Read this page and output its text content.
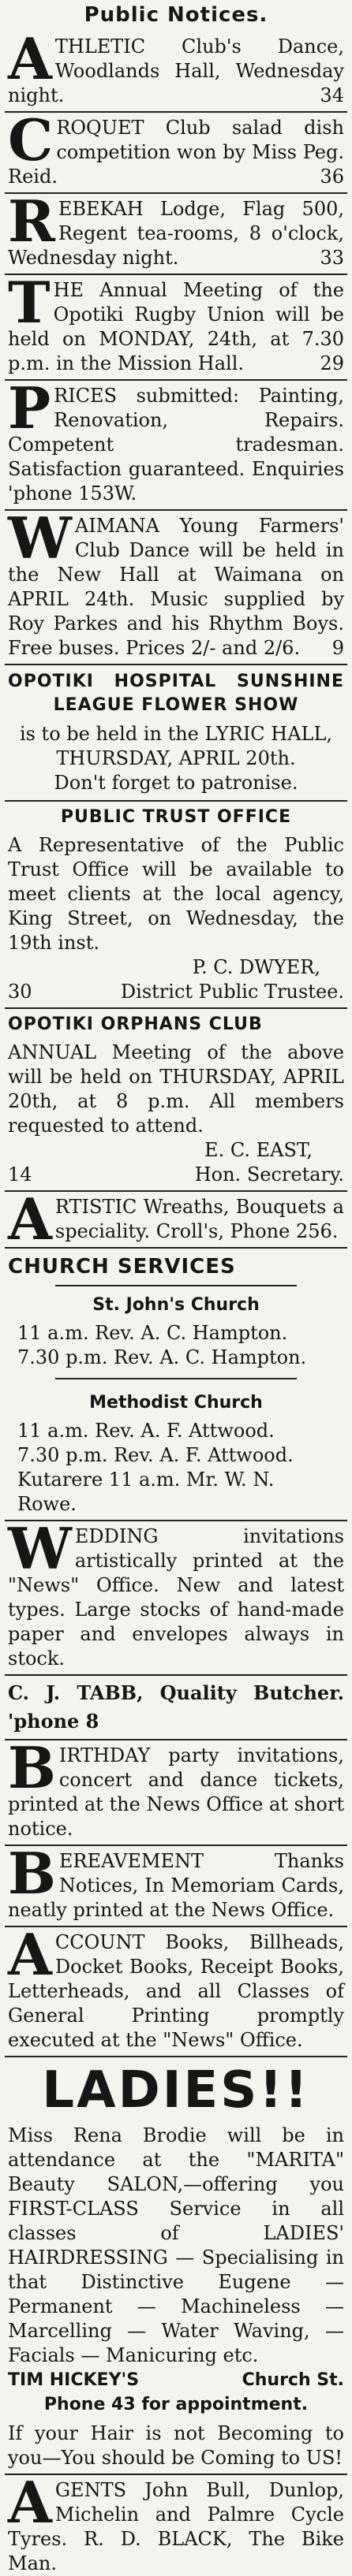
Public Notices.
ATHLETIC Club's Dance, Woodlands Hall, Wednesday night.	34
CROQUET Club salad dish competition won by Miss Peg. Reid.	36
REBEKAH Lodge, Flag 500, Regent tea-rooms, 8 o'clock, Wednesday night.	33
THE Annual Meeting of the Opotiki Rugby Union will be held on MONDAY, 24th, at 7.30 p.m. in the Mission Hall.	29
PRICES submitted: Painting, Renovation, Repairs. Competent tradesman. Satisfaction guaranteed. Enquiries 'phone 153W.
WAIMANA Young Farmers' Club Dance will be held in the New Hall at Waimana on APRIL 24th. Music supplied by Roy Parkes and his Rhythm Boys. Free buses. Prices 2/- and 2/6. 9
OPOTIKI HOSPITAL SUNSHINE
LEAGUE FLOWER SHOW
is to be held in the LYRIC HALL,
THURSDAY, APRIL 20th.
Don't forget to patronise.
PUBLIC TRUST OFFICE
A Representative of the Public Trust Office will be available to meet clients at the local agency, King Street, on Wednesday, the 19th inst.
P. C. DWYER,
30	District Public Trustee.
OPOTIKI ORPHANS CLUB
ANNUAL Meeting of the above will be held on THURSDAY, APRIL 20th, at 8 p.m. All members requested to attend.
E. C. EAST,
14	Hon. Secretary.
ARTISTIC Wreaths, Bouquets a speciality. Croll's, Phone 256.
CHURCH SERVICES
St. John's Church
11 a.m. Rev. A. C. Hampton.
7.30 p.m. Rev. A. C. Hampton.
Methodist Church
11 a.m. Rev. A. F. Attwood.
7.30 p.m. Rev. A. F. Attwood.
Kutarere 11 a.m. Mr. W. N. Rowe.
WEDDING invitations artistically printed at the "News" Office. New and latest types. Large stocks of hand-made paper and envelopes always in stock.
C. J. TABB, Quality Butcher. 'phone 8
BIRTHDAY party invitations, concert and dance tickets, printed at the News Office at short notice.
BEREAVEMENT Thanks Notices, In Memoriam Cards, neatly printed at the News Office.
ACCOUNT Books, Billheads, Docket Books, Receipt Books, Letterheads, and all Classes of General Printing promptly executed at the "News" Office.
LADIES!!
Miss Rena Brodie will be in attendance at the "MARITA" Beauty SALON,—offering you FIRST-CLASS Service in all classes of LADIES' HAIRDRESSING — Specialising in that Distinctive Eugene — Permanent — Machineless — Marcelling — Water Waving, — Facials — Manicuring etc.
TIM HICKEY'S	Church St.
Phone 43 for appointment.
If your Hair is not Becoming to you—You should be Coming to US!
AGENTS John Bull, Dunlop, Michelin and Palmre Cycle Tyres. R. D. BLACK, The Bike Man.
